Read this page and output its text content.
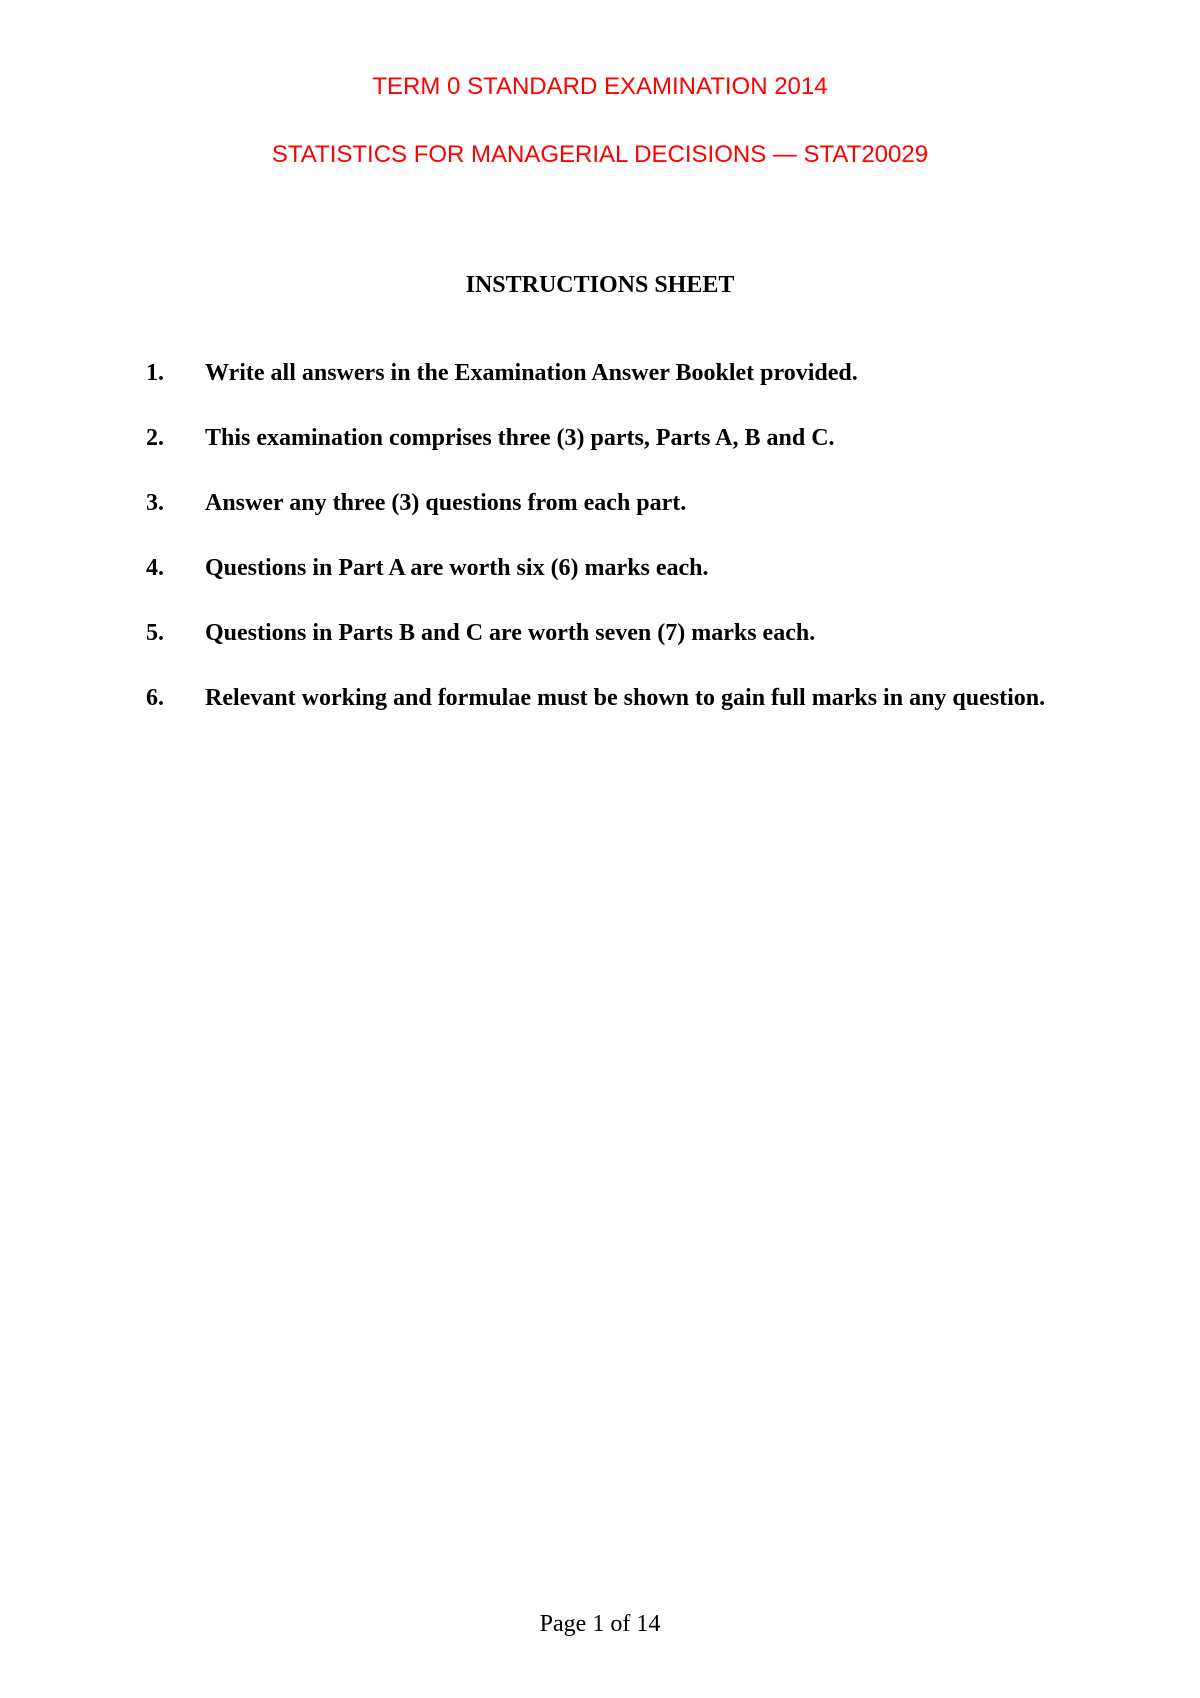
TERM 0 STANDARD EXAMINATION 2014
STATISTICS FOR MANAGERIAL DECISIONS — STAT20029
INSTRUCTIONS SHEET
1.	Write all answers in the Examination Answer Booklet provided.
2.	This examination comprises three (3) parts, Parts A, B and C.
3.	Answer any three (3) questions from each part.
4.	Questions in Part A are worth six (6) marks each.
5.	Questions in Parts B and C are worth seven (7) marks each.
6.	Relevant working and formulae must be shown to gain full marks in any question.
Page 1 of 14
